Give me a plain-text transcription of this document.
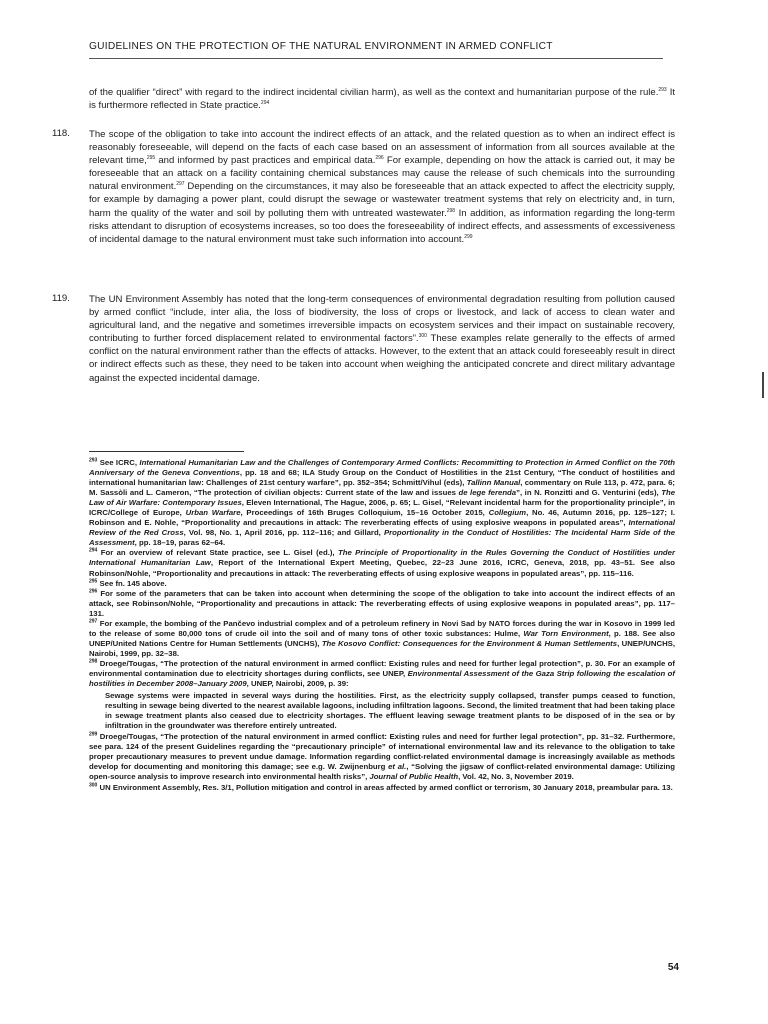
GUIDELINES ON THE PROTECTION OF THE NATURAL ENVIRONMENT IN ARMED CONFLICT
of the qualifier “direct” with regard to the indirect incidental civilian harm), as well as the context and humanitarian purpose of the rule.$^{293}$ It is furthermore reflected in State practice.$^{294}$
118. The scope of the obligation to take into account the indirect effects of an attack, and the related question as to when an indirect effect is reasonably foreseeable, will depend on the facts of each case based on an assessment of information from all sources available at the relevant time,$^{295}$ and informed by past practices and empirical data.$^{296}$ For example, depending on how the attack is carried out, it may be foreseeable that an attack on a facility containing chemical substances may cause the release of such chemicals into the surrounding natural environment.$^{297}$ Depending on the circumstances, it may also be foreseeable that an attack expected to affect the electricity supply, for example by damaging a power plant, could disrupt the sewage or wastewater treatment systems that rely on electricity and, in turn, harm the quality of the water and soil by polluting them with untreated wastewater.$^{298}$ In addition, as information regarding the long-term risks attendant to disruption of ecosystems increases, so too does the foreseeability of indirect effects, and assessments of excessiveness of incidental damage to the natural environment must take such information into account.$^{299}$
119. The UN Environment Assembly has noted that the long-term consequences of environmental degradation resulting from pollution caused by armed conflict “include, inter alia, the loss of biodiversity, the loss of crops or livestock, and lack of access to clean water and agricultural land, and the negative and sometimes irreversible impacts on ecosystem services and their impact on sustainable recovery, contributing to further forced displacement related to environmental factors”.$^{300}$ These examples relate generally to the effects of armed conflict on the natural environment rather than the effects of attacks. However, to the extent that an attack could foreseeably result in direct or indirect effects such as these, they need to be taken into account when weighing the anticipated concrete and direct military advantage against the expected incidental damage.

$^{293}$ See ICRC, International Humanitarian Law and the Challenges of Contemporary Armed Conflicts: Recommitting to Protection in Armed Conflict on the 70th Anniversary of the Geneva Conventions, pp. 18 and 68; ILA Study Group on the Conduct of Hostilities in the 21st Century, “The conduct of hostilities and international humanitarian law: Challenges of 21st century warfare”, pp. 352–354; Schmitt/Vihul (eds), Tallinn Manual, commentary on Rule 113, p. 472, para. 6; M. Sassòli and L. Cameron, “The protection of civilian objects: Current state of the law and issues de lege ferenda”, in N. Ronzitti and G. Venturini (eds), The Law of Air Warfare: Contemporary Issues, Eleven International, The Hague, 2006, p. 65; L. Gisel, “Relevant incidental harm for the proportionality principle”, in ICRC/College of Europe, Urban Warfare, Proceedings of 16th Bruges Colloquium, 15–16 October 2015, Collegium, No. 46, Autumn 2016, pp. 125–127; I. Robinson and E. Nohle, “Proportionality and precautions in attack: The reverberating effects of using explosive weapons in populated areas”, International Review of the Red Cross, Vol. 98, No. 1, April 2016, pp. 112–116; and Gillard, Proportionality in the Conduct of Hostilities: The Incidental Harm Side of the Assessment, pp. 18–19, paras 62–64.

$^{294}$ For an overview of relevant State practice, see L. Gisel (ed.), The Principle of Proportionality in the Rules Governing the Conduct of Hostilities under International Humanitarian Law, Report of the International Expert Meeting, Quebec, 22–23 June 2016, ICRC, Geneva, 2018, pp. 43–51. See also Robinson/Nohle, “Proportionality and precautions in attack: The reverberating effects of using explosive weapons in populated areas”, pp. 115–116.

$^{295}$ See fn. 145 above.

$^{296}$ For some of the parameters that can be taken into account when determining the scope of the obligation to take into account the indirect effects of an attack, see Robinson/Nohle, “Proportionality and precautions in attack: The reverberating effects of using explosive weapons in populated areas”, pp. 117–131.

$^{297}$ For example, the bombing of the Pančevo industrial complex and of a petroleum refinery in Novi Sad by NATO forces during the war in Kosovo in 1999 led to the release of some 80,000 tons of crude oil into the soil and of many tons of other toxic substances: Hulme, War Torn Environment, p. 188. See also UNEP/United Nations Centre for Human Settlements (UNCHS), The Kosovo Conflict: Consequences for the Environment & Human Settlements, UNEP/UNCHS, Nairobi, 1999, pp. 32–38.

$^{298}$ Droege/Tougas, “The protection of the natural environment in armed conflict: Existing rules and need for further legal protection”, p. 30. For an example of environmental contamination due to electricity shortages during conflicts, see UNEP, Environmental Assessment of the Gaza Strip following the escalation of hostilities in December 2008–January 2009, UNEP, Nairobi, 2009, p. 39:

Sewage systems were impacted in several ways during the hostilities. First, as the electricity supply collapsed, transfer pumps ceased to function, resulting in sewage being diverted to the nearest available lagoons, including infiltration lagoons. Second, the limited treatment that had been taking place in sewage treatment plants also ceased due to electricity shortages. The effluent leaving sewage treatment plants to be disposed of in the sea or by infiltration in the groundwater was therefore entirely untreated.

$^{299}$ Droege/Tougas, “The protection of the natural environment in armed conflict: Existing rules and need for further legal protection”, pp. 31–32. Furthermore, see para. 124 of the present Guidelines regarding the “precautionary principle” of international environmental law and its relevance to the obligation to take proper precautionary measures to prevent undue damage. Information regarding conflict-related environmental damage is increasingly available as methods develop for documenting and monitoring this damage; see e.g. W. Zwijnenburg et al., “Solving the jigsaw of conflict-related environmental damage: Utilizing open-source analysis to improve research into environmental health risks”, Journal of Public Health, Vol. 42, No. 3, November 2019.

$^{300}$ UN Environment Assembly, Res. 3/1, Pollution mitigation and control in areas affected by armed conflict or terrorism, 30 January 2018, preambular para. 13.

54
